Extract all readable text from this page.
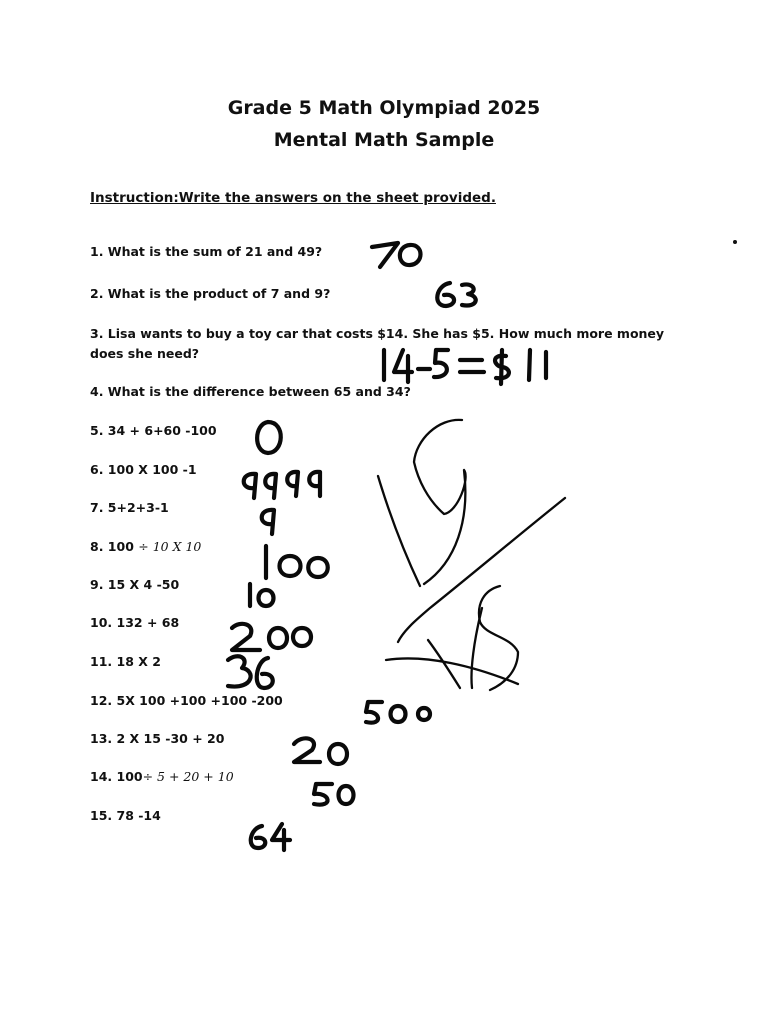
Grade 5 Math Olympiad 2025
Mental Math Sample
Instruction:Write the answers on the sheet provided.
1. What is the sum of 21 and 49?
2. What is the product of 7 and 9?
3. Lisa wants to buy a toy car that costs $14. She has $5. How much more money does she need?
4. What is the difference between 65 and 34?
5. 34 + 6+60 -100
6. 100 X 100 -1
7. 5+2+3-1
8. 100 ÷ 10 X 10
9. 15 X 4 -50
10. 132 + 68
11. 18 X 2
12. 5X 100 +100 +100 -200
13. 2 X 15 -30 + 20
14. 100÷ 5 + 20 + 10
15. 78 -14
